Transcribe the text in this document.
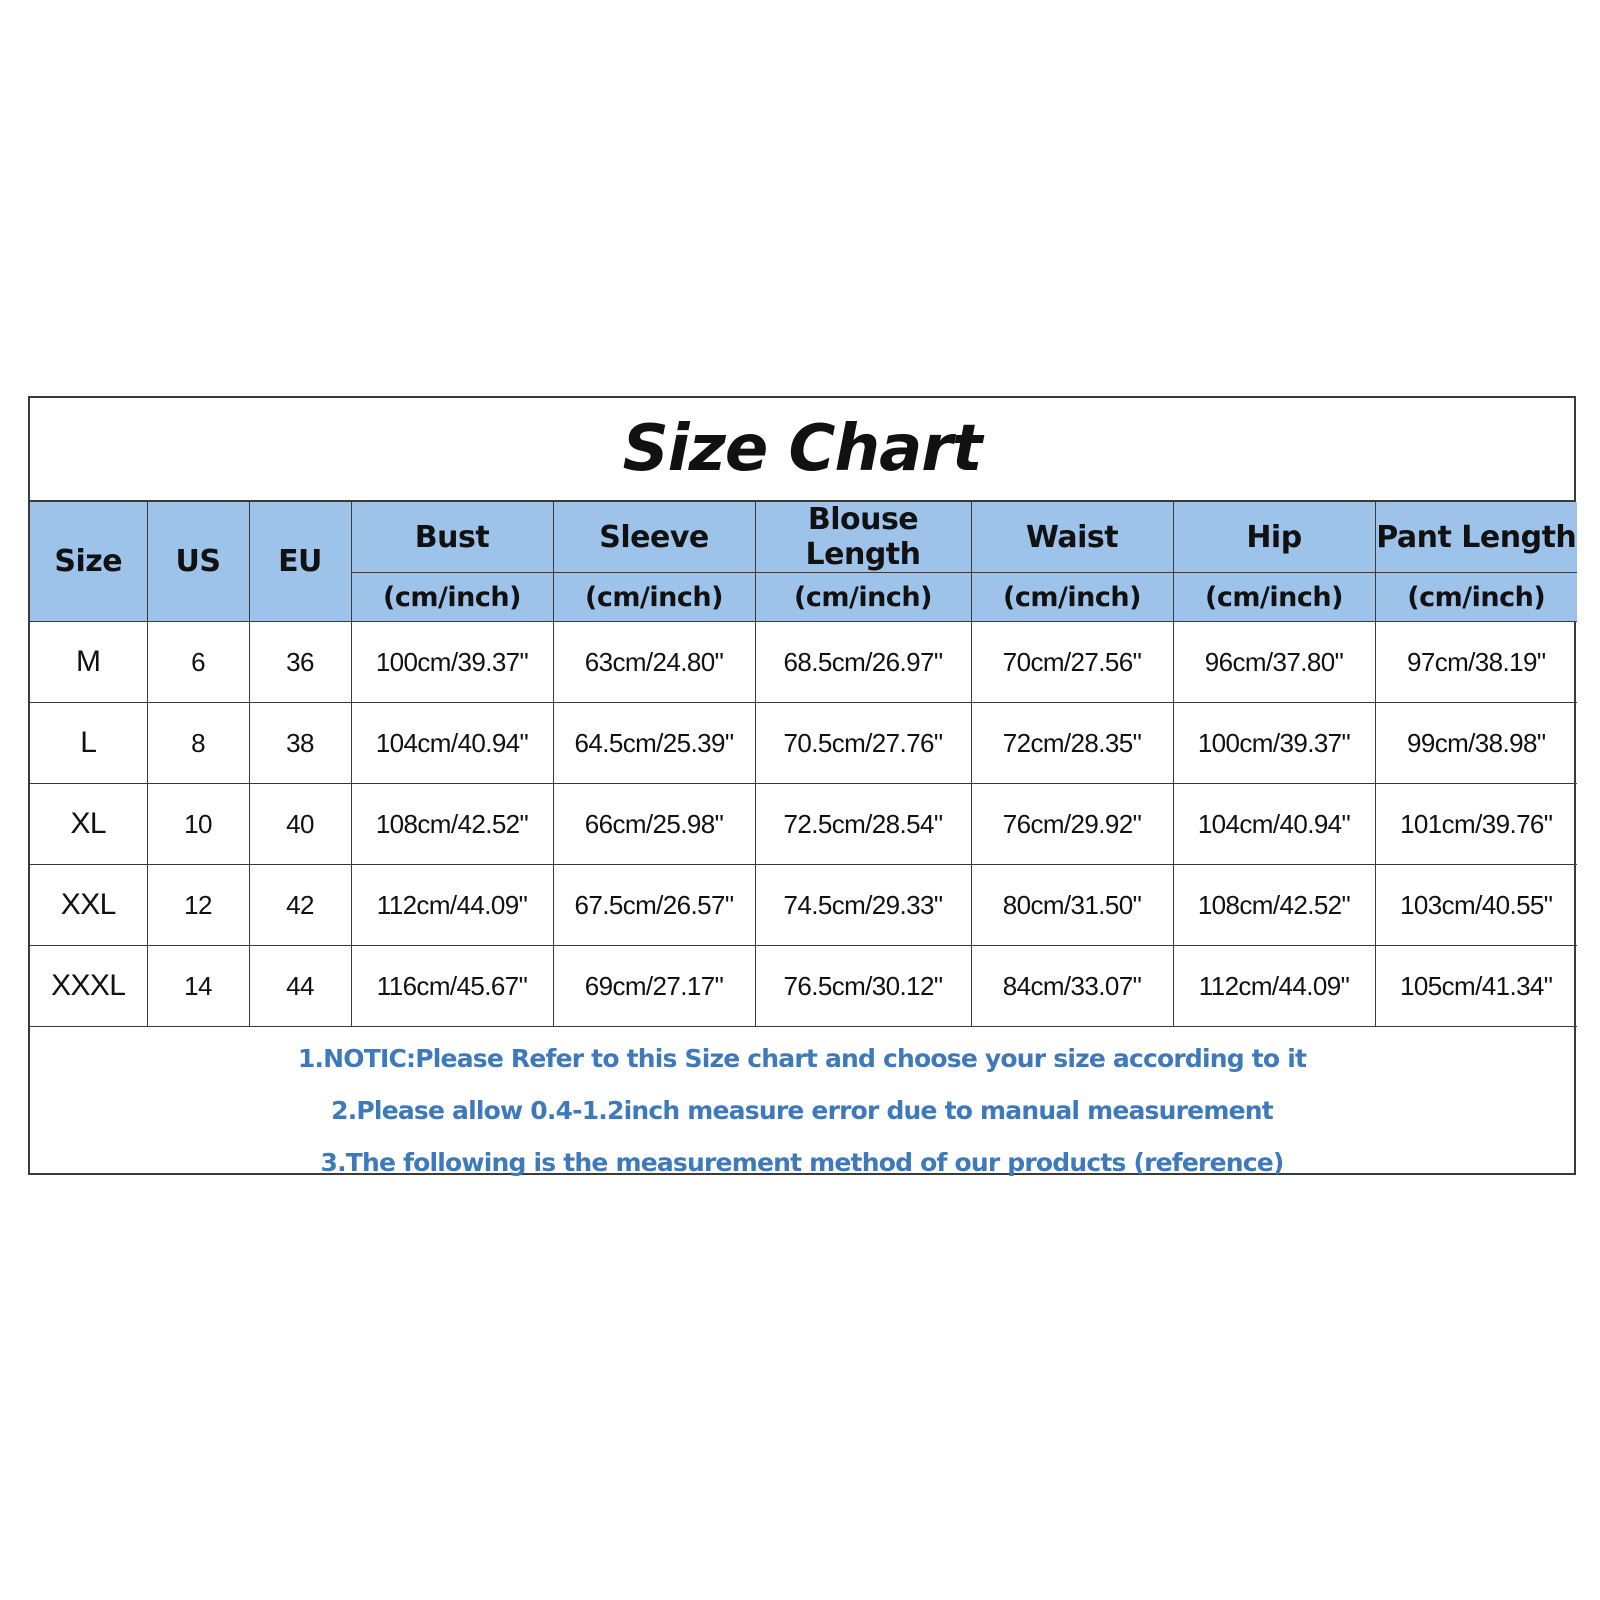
Size Chart
Size	US	EU	Bust	Sleeve	Blouse Length	Waist	Hip	Pant Length
			(cm/inch)	(cm/inch)	(cm/inch)	(cm/inch)	(cm/inch)	(cm/inch)
M	6	36	100cm/39.37"	63cm/24.80"	68.5cm/26.97"	70cm/27.56"	96cm/37.80"	97cm/38.19"
L	8	38	104cm/40.94"	64.5cm/25.39"	70.5cm/27.76"	72cm/28.35"	100cm/39.37"	99cm/38.98"
XL	10	40	108cm/42.52"	66cm/25.98"	72.5cm/28.54"	76cm/29.92"	104cm/40.94"	101cm/39.76"
XXL	12	42	112cm/44.09"	67.5cm/26.57"	74.5cm/29.33"	80cm/31.50"	108cm/42.52"	103cm/40.55"
XXXL	14	44	116cm/45.67"	69cm/27.17"	76.5cm/30.12"	84cm/33.07"	112cm/44.09"	105cm/41.34"
1.NOTIC:Please Refer to this Size chart and choose your size according to it
2.Please allow 0.4-1.2inch measure error due to manual measurement
3.The following is the measurement method of our products (reference)
